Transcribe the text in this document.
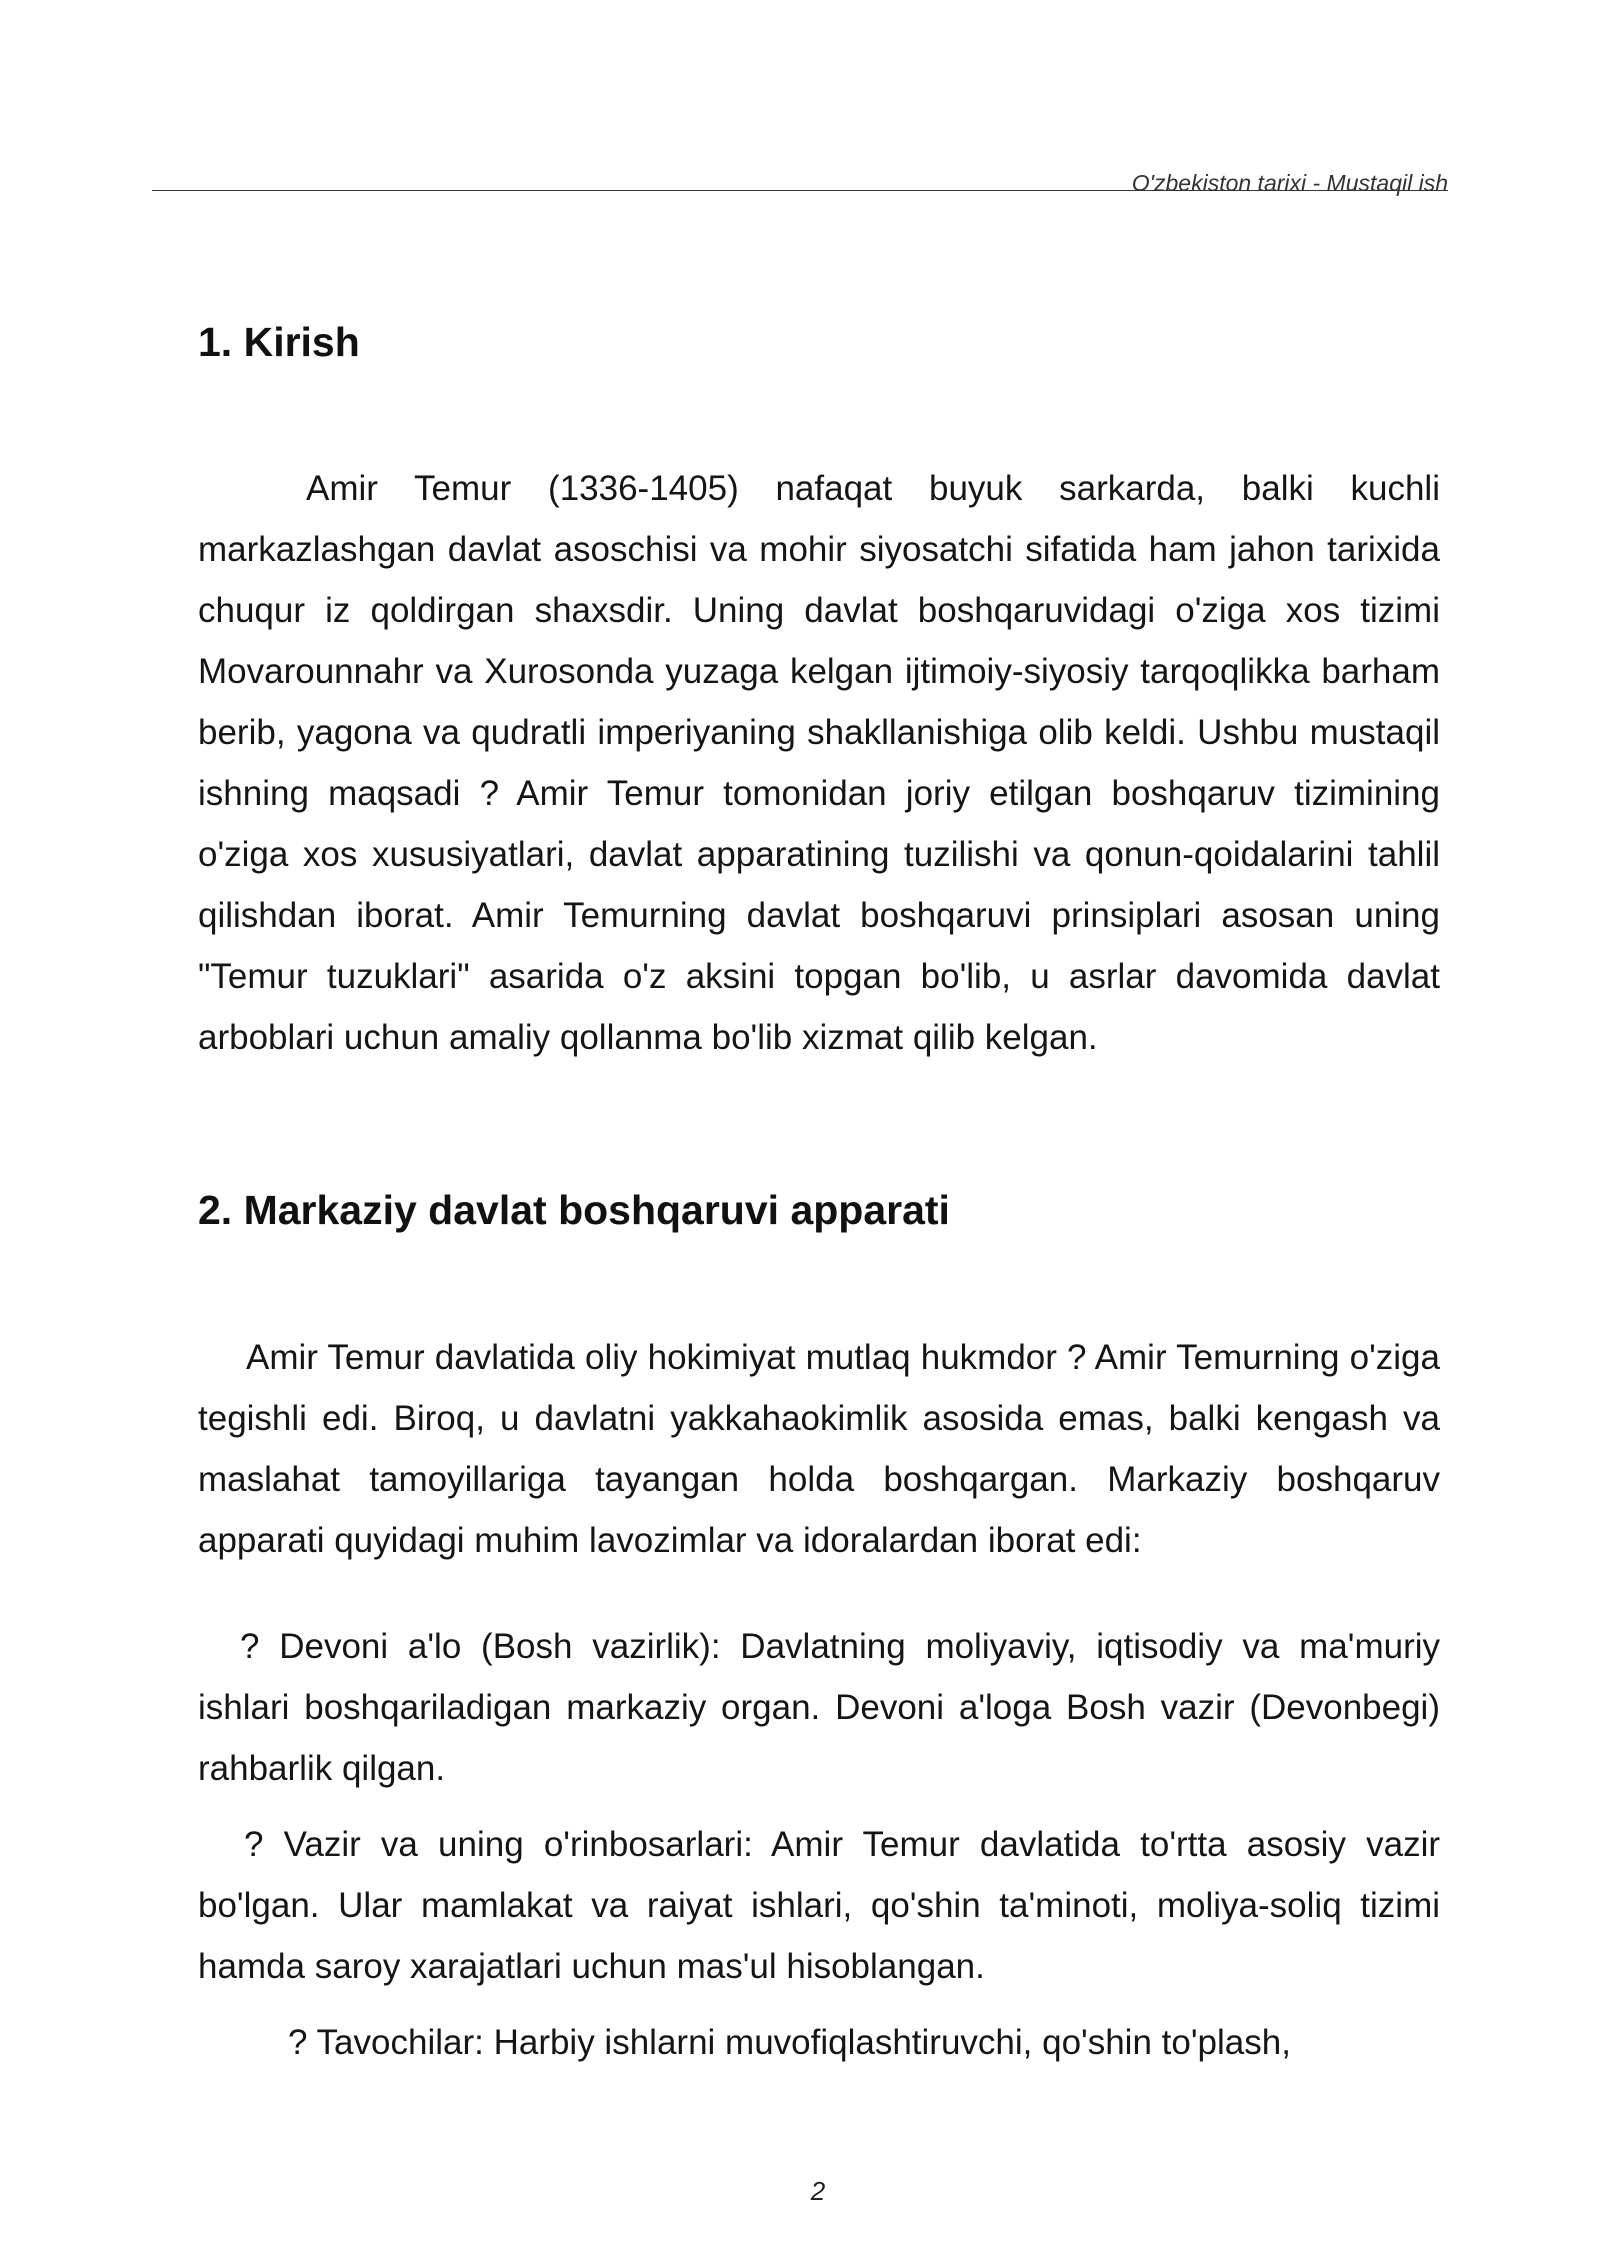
O'zbekiston tarixi - Mustaqil ish
1. Kirish

Amir Temur (1336-1405) nafaqat buyuk sarkarda, balki kuchli markazlashgan davlat asoschisi va mohir siyosatchi sifatida ham jahon tarixida chuqur iz qoldirgan shaxsdir. Uning davlat boshqaruvidagi o'ziga xos tizimi Movarounnahr va Xurosonda yuzaga kelgan ijtimoiy-siyosiy tarqoqlikka barham berib, yagona va qudratli imperiyaning shakllanishiga olib keldi. Ushbu mustaqil ishning maqsadi ? Amir Temur tomonidan joriy etilgan boshqaruv tizimining o'ziga xos xususiyatlari, davlat apparatining tuzilishi va qonun-qoidalarini tahlil qilishdan iborat. Amir Temurning davlat boshqaruvi prinsiplari asosan uning "Temur tuzuklari" asarida o'z aksini topgan bo'lib, u asrlar davomida davlat arboblari uchun amaliy qollanma bo'lib xizmat qilib kelgan.

2. Markaziy davlat boshqaruvi apparati

Amir Temur davlatida oliy hokimiyat mutlaq hukmdor ? Amir Temurning o'ziga tegishli edi. Biroq, u davlatni yakkahaokimlik asosida emas, balki kengash va maslahat tamoyillariga tayangan holda boshqargan. Markaziy boshqaruv apparati quyidagi muhim lavozimlar va idoralardan iborat edi:

? Devoni a'lo (Bosh vazirlik): Davlatning moliyaviy, iqtisodiy va ma'muriy ishlari boshqariladigan markaziy organ. Devoni a'loga Bosh vazir (Devonbegi) rahbarlik qilgan.

? Vazir va uning o'rinbosarlari: Amir Temur davlatida to'rtta asosiy vazir bo'lgan. Ular mamlakat va raiyat ishlari, qo'shin ta'minoti, moliya-soliq tizimi hamda saroy xarajatlari uchun mas'ul hisoblangan.

? Tavochilar: Harbiy ishlarni muvofiqlashtiruvchi, qo'shin to'plash,

2
